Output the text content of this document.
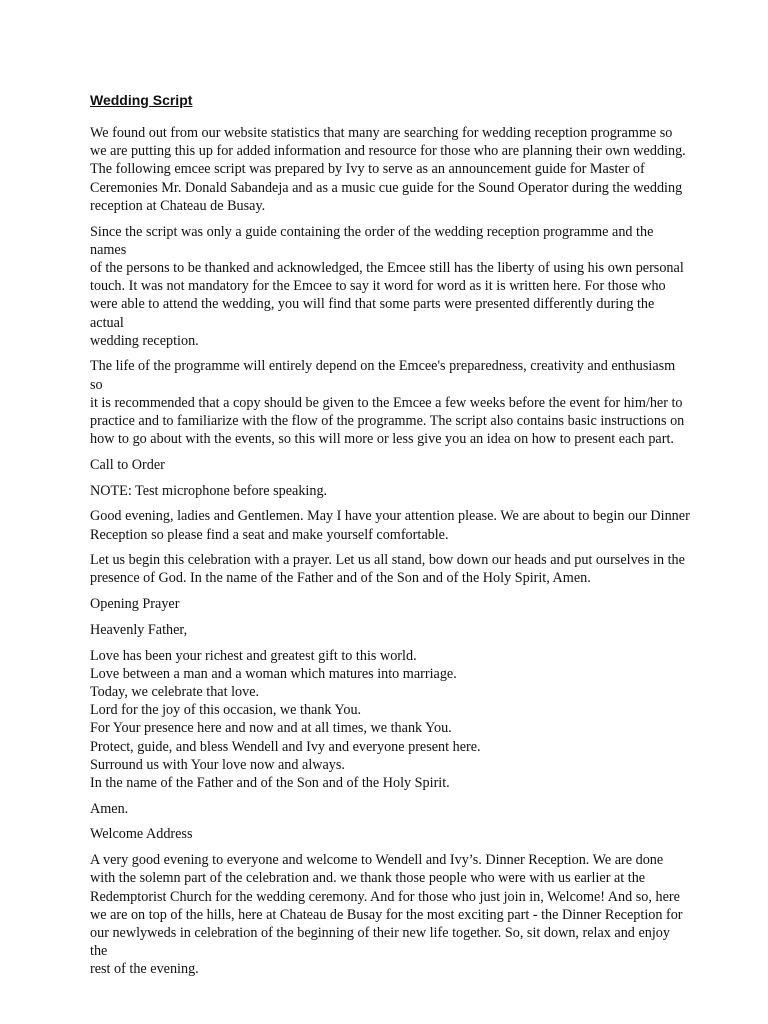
Wedding Script

We found out from our website statistics that many are searching for wedding reception programme so
we are putting this up for added information and resource for those who are planning their own wedding.
The following emcee script was prepared by Ivy to serve as an announcement guide for Master of
Ceremonies Mr. Donald Sabandeja and as a music cue guide for the Sound Operator during the wedding
reception at Chateau de Busay.

Since the script was only a guide containing the order of the wedding reception programme and the names
of the persons to be thanked and acknowledged, the Emcee still has the liberty of using his own personal
touch. It was not mandatory for the Emcee to say it word for word as it is written here. For those who
were able to attend the wedding, you will find that some parts were presented differently during the actual
wedding reception.

The life of the programme will entirely depend on the Emcee's preparedness, creativity and enthusiasm so
it is recommended that a copy should be given to the Emcee a few weeks before the event for him/her to
practice and to familiarize with the flow of the programme. The script also contains basic instructions on
how to go about with the events, so this will more or less give you an idea on how to present each part.

Call to Order

NOTE: Test microphone before speaking.

Good evening, ladies and Gentlemen. May I have your attention please. We are about to begin our Dinner
Reception so please find a seat and make yourself comfortable.

Let us begin this celebration with a prayer. Let us all stand, bow down our heads and put ourselves in the
presence of God. In the name of the Father and of the Son and of the Holy Spirit, Amen.

Opening Prayer

Heavenly Father,

Love has been your richest and greatest gift to this world.
Love between a man and a woman which matures into marriage.
Today, we celebrate that love.
Lord for the joy of this occasion, we thank You.
For Your presence here and now and at all times, we thank You.
Protect, guide, and bless Wendell and Ivy and everyone present here.
Surround us with Your love now and always.
In the name of the Father and of the Son and of the Holy Spirit.

Amen.

Welcome Address

A very good evening to everyone and welcome to Wendell and Ivy’s. Dinner Reception. We are done
with the solemn part of the celebration and. we thank those people who were with us earlier at the
Redemptorist Church for the wedding ceremony. And for those who just join in, Welcome! And so, here
we are on top of the hills, here at Chateau de Busay for the most exciting part - the Dinner Reception for
our newlyweds in celebration of the beginning of their new life together. So, sit down, relax and enjoy the
rest of the evening.
